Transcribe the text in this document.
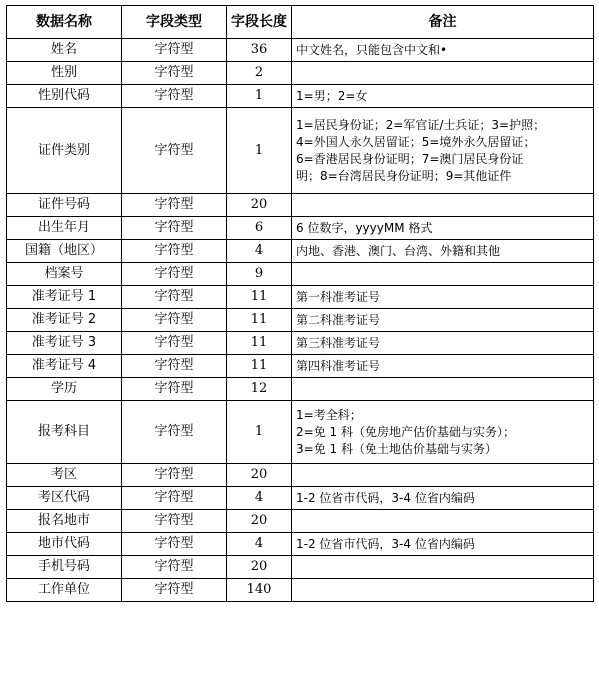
数据名称	字段类型	字段长度	备注
姓名	字符型	36	中文姓名，只能包含中文和•

性别	字符型	2	
性别代码	字符型	1	1=男；2=女

证件类别	字符型	1	1=居民身份证；2=军官证/士兵证；3=护照；
4=外国人永久居留证；5=境外永久居留证；
6=香港居民身份证明；7=澳门居民身份证
明；8=台湾居民身份证明；9=其他证件

证件号码	字符型	20	
出生年月	字符型	6	6 位数字，yyyyMM 格式

国籍（地区）	字符型	4	内地、香港、澳门、台湾、外籍和其他

档案号	字符型	9	
准考证号 1	字符型	11	第一科准考证号

准考证号 2	字符型	11	第二科准考证号

准考证号 3	字符型	11	第三科准考证号

准考证号 4	字符型	11	第四科准考证号

学历	字符型	12	
报考科目	字符型	1	1=考全科；
2=免 1 科（免房地产估价基础与实务）；
3=免 1 科（免土地估价基础与实务）

考区	字符型	20	
考区代码	字符型	4	1-2 位省市代码，3-4 位省内编码

报名地市	字符型	20	
地市代码	字符型	4	1-2 位省市代码，3-4 位省内编码

手机号码	字符型	20	
工作单位	字符型	140	
